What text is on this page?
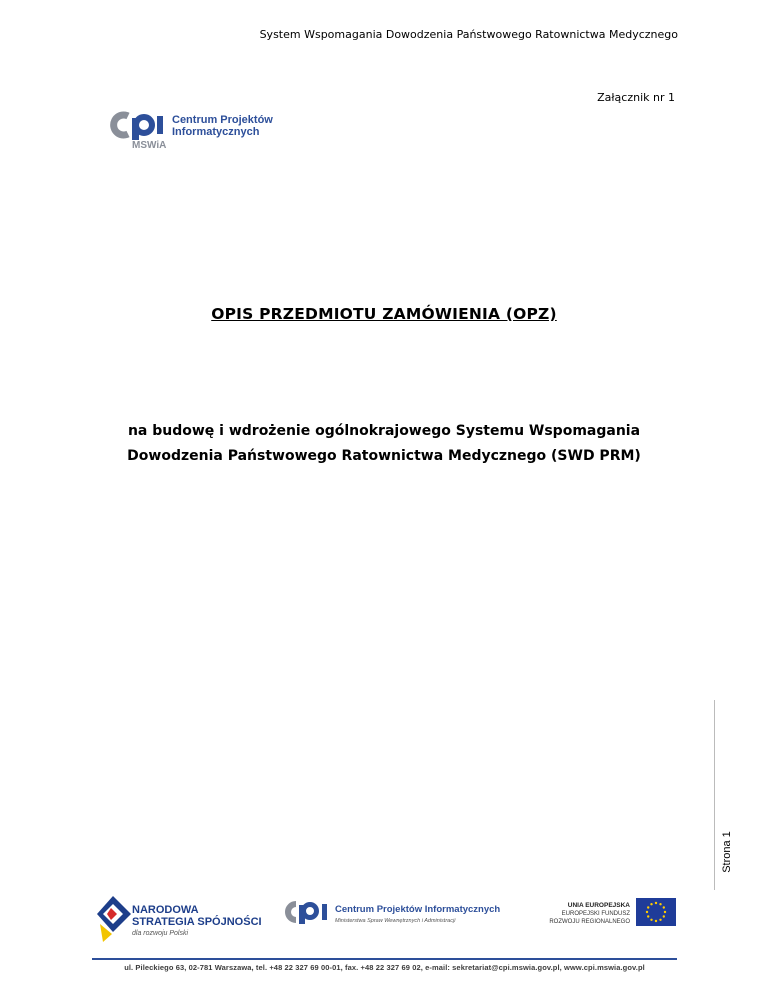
System Wspomagania Dowodzenia Państwowego Ratownictwa Medycznego
Załącznik nr 1
Centrum Projektów
Informatycznych
MSWiA
OPIS PRZEDMIOTU ZAMÓWIENIA (OPZ)
na budowę i wdrożenie ogólnokrajowego Systemu Wspomagania
Dowodzenia Państwowego Ratownictwa Medycznego (SWD PRM)
Strona 1
NARODOWA
STRATEGIA SPÓJNOŚCI
dla rozwoju Polski
Centrum Projektów Informatycznych
Ministerstwa Spraw Wewnętrznych i Administracji
UNIA EUROPEJSKA
EUROPEJSKI FUNDUSZ
ROZWOJU REGIONALNEGO
ul. Pileckiego 63, 02-781 Warszawa, tel. +48 22 327 69 00-01, fax. +48 22 327 69 02, e-mail: sekretariat@cpi.mswia.gov.pl, www.cpi.mswia.gov.pl
